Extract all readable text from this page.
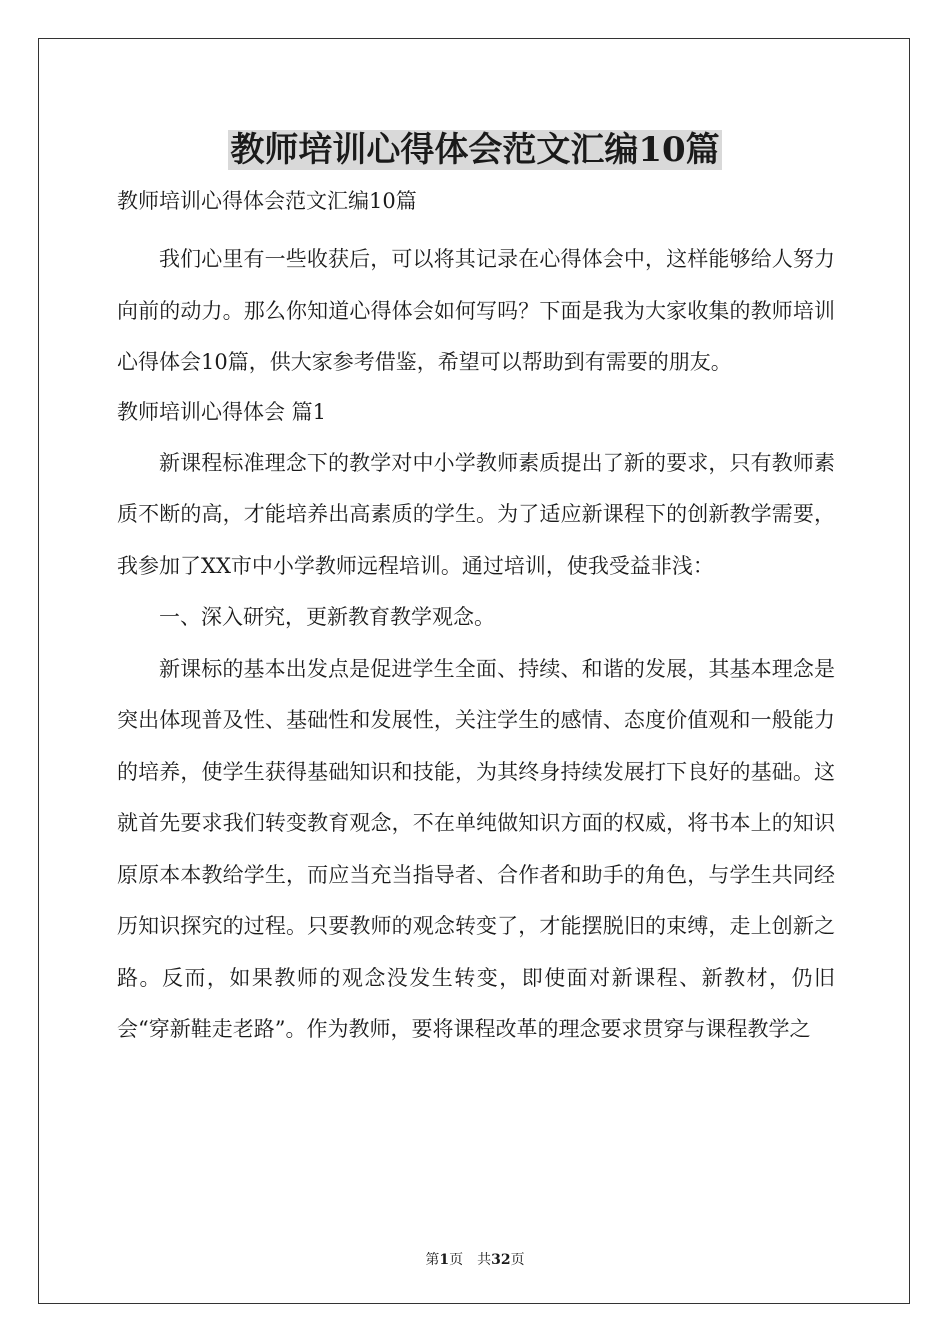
教师培训心得体会范文汇编10篇

教师培训心得体会范文汇编10篇

我们心里有一些收获后，可以将其记录在心得体会中，这样能够给人努力向前的动力。那么你知道心得体会如何写吗？下面是我为大家收集的教师培训心得体会10篇，供大家参考借鉴，希望可以帮助到有需要的朋友。

教师培训心得体会 篇1

新课程标准理念下的教学对中小学教师素质提出了新的要求，只有教师素质不断的高，才能培养出高素质的学生。为了适应新课程下的创新教学需要，我参加了XX市中小学教师远程培训。通过培训，使我受益非浅：

一、深入研究，更新教育教学观念。

新课标的基本出发点是促进学生全面、持续、和谐的发展，其基本理念是突出体现普及性、基础性和发展性，关注学生的感情、态度价值观和一般能力的培养，使学生获得基础知识和技能，为其终身持续发展打下良好的基础。这就首先要求我们转变教育观念，不在单纯做知识方面的权威，将书本上的知识原原本本教给学生，而应当充当指导者、合作者和助手的角色，与学生共同经历知识探究的过程。只要教师的观念转变了，才能摆脱旧的束缚，走上创新之路。反而，如果教师的观念没发生转变，即使面对新课程、新教材，仍旧会“穿新鞋走老路”。作为教师，要将课程改革的理念要求贯穿与课程教学之

第1页 共32页
